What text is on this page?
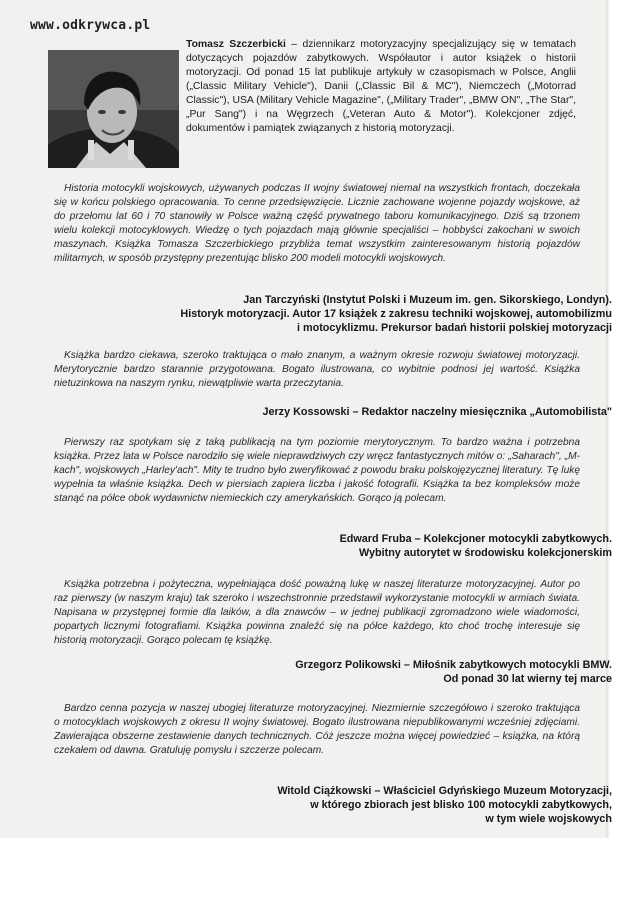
www.odkrywca.pl
Tomasz Szczerbicki – dziennikarz motoryzacyjny specjalizujący się w tematach dotyczących pojazdów zabytkowych. Współautor i autor książek o historii motoryzacji. Od ponad 15 lat publikuje artykuły w czasopismach w Polsce, Anglii („Classic Military Vehicle"), Danii („Classic Bil & MC"), Niemczech („Motorrad Classic"), USA (Military Vehicle Magazine", („Military Trader", „BMW ON", „The Star", „Pur Sang") i na Węgrzech („Veteran Auto & Motor"). Kolekcjoner zdjęć, dokumentów i pamiątek związanych z historią motoryzacji.
Historia motocykli wojskowych, używanych podczas II wojny światowej niemal na wszystkich frontach, doczekała się w końcu polskiego opracowania. To cenne przedsięwzięcie. Licznie zachowane wojenne pojazdy wojskowe, aż do przełomu lat 60 i 70 stanowiły w Polsce ważną część prywatnego taboru komunikacyjnego. Dziś są trzonem wielu kolekcji motocyklowych. Wiedzę o tych pojazdach mają głównie specjaliści – hobbyści zakochani w swoich maszynach. Książka Tomasza Szczerbickiego przybliża temat wszystkim zainteresowanym historią pojazdów militarnych, w sposób przystępny prezentując blisko 200 modeli motocykli wojskowych.
Jan Tarczyński (Instytut Polski i Muzeum im. gen. Sikorskiego, Londyn).
Historyk motoryzacji. Autor 17 książek z zakresu techniki wojskowej, automobilizmu
i motocyklizmu. Prekursor badań historii polskiej motoryzacji
Książka bardzo ciekawa, szeroko traktująca o mało znanym, a ważnym okresie rozwoju światowej motoryzacji. Merytorycznie bardzo starannie przygotowana. Bogato ilustrowana, co wybitnie podnosi jej wartość. Książka nietuzinkowa na naszym rynku, niewątpliwie warta przeczytania.
Jerzy Kossowski – Redaktor naczelny miesięcznika „Automobilista"
Pierwszy raz spotykam się z taką publikacją na tym poziomie merytorycznym. To bardzo ważna i potrzebna książka. Przez lata w Polsce narodziło się wiele nieprawdziwych czy wręcz fantastycznych mitów o: „Saharach", „M-kach", wojskowych „Harley'ach". Mity te trudno było zweryfikować z powodu braku polskojęzycznej literatury. Tę lukę wypełnia ta właśnie książka. Dech w piersiach zapiera liczba i jakość fotografii. Książka ta bez kompleksów może stanąć na półce obok wydawnictw niemieckich czy amerykańskich. Gorąco ją polecam.
Edward Fruba – Kolekcjoner motocykli zabytkowych.
Wybitny autorytet w środowisku kolekcjonerskim
Książka potrzebna i pożyteczna, wypełniająca dość poważną lukę w naszej literaturze motoryzacyjnej. Autor po raz pierwszy (w naszym kraju) tak szeroko i wszechstronnie przedstawił wykorzystanie motocykli w armiach świata. Napisana w przystępnej formie dla laików, a dla znawców – w jednej publikacji zgromadzono wiele wiadomości, popartych licznymi fotografiami. Książka powinna znaleźć się na półce każdego, kto choć trochę interesuje się historią motoryzacji. Gorąco polecam tę książkę.
Grzegorz Polikowski – Miłośnik zabytkowych motocykli BMW.
Od ponad 30 lat wierny tej marce
Bardzo cenna pozycja w naszej ubogiej literaturze motoryzacyjnej. Niezmiernie szczegółowo i szeroko traktująca o motocyklach wojskowych z okresu II wojny światowej. Bogato ilustrowana niepublikowanymi wcześniej zdjęciami. Zawierająca obszerne zestawienie danych technicznych. Cóż jeszcze można więcej powiedzieć – książka, na którą czekałem od dawna. Gratuluję pomysłu i szczerze polecam.
Witold Ciążkowski – Właściciel Gdyńskiego Muzeum Motoryzacji,
w którego zbiorach jest blisko 100 motocykli zabytkowych,
w tym wiele wojskowych
